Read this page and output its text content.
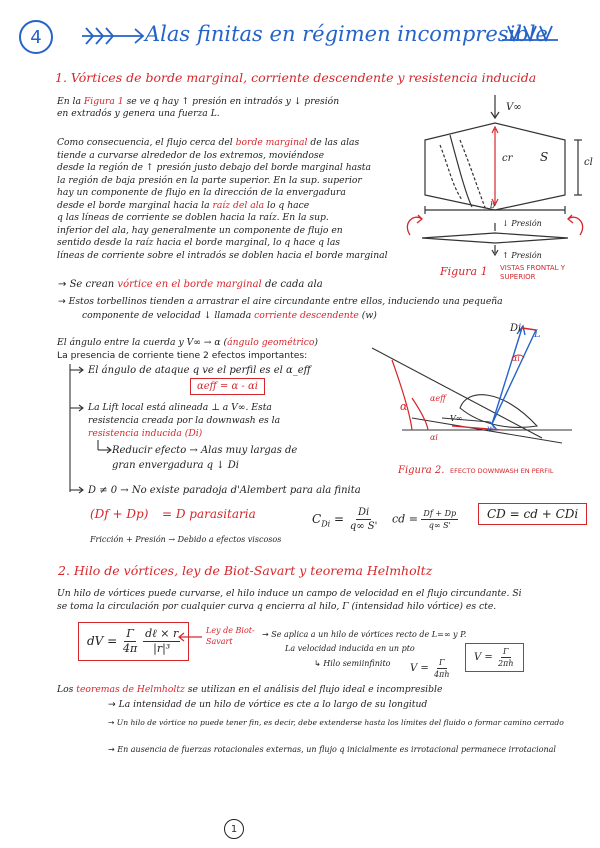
4	Alas finitas en régimen incompresible
1. Vórtices de borde marginal, corriente descendente y resistencia inducida
En la Figura 1 se ve q hay ↑ presión en intradós y ↓ presión
en extradós y genera una fuerza L.
Como consecuencia, el flujo cerca del borde marginal de las alas
tiende a curvarse alrededor de los extremos, moviéndose
desde la región de ↑ presión justo debajo del borde marginal hasta
la región de baja presión en la parte superior. En la sup. superior
hay un componente de flujo en la dirección de la envergadura
desde el borde marginal hacia la raíz del ala lo q hace
q las líneas de corriente se doblen hacia la raíz. En la sup.
inferior del ala, hay generalmente un componente de flujo en
sentido desde la raíz hacia el borde marginal, lo q hace q las
líneas de corriente sobre el intradós se doblen hacia el borde marginal
cr S	cl
V∞
b
↓ Presión
↑ Presión
Figura 1 VISTAS FRONTAL Y SUPERIOR
→ Se crean vórtice en el borde marginal de cada ala
→ Estos torbellinos tienden a arrastrar el aire circundante entre ellos, induciendo una pequeña
componente de velocidad ↓ llamada corriente descendente (w)
El ángulo entre la cuerda y V∞ → α (ángulo geométrico)
La presencia de corriente tiene 2 efectos importantes:
El ángulo de ataque q ve el perfil es el α_eff
αeff = α - αi
La Lift local está alineada ⊥ a V∞. Esta
resistencia creada por la downwash es la
resistencia inducida (Di)
Reducir efecto → Alas muy largas de
gran envergadura q ↓ Di
D ≠ 0 → No existe paradoja d'Alembert para ala finita
(Df + Dp) = D parasitaria
Fricción + Presión → Debido a efectos viscosos
$C_{Di} = \frac{Di}{q\infty S'}$ cd = $\frac{Df + Dp}{q\infty S'}$	CD = cd + CDi
Di
L
αi
α
αeff
V∞
w
αi
Figura 2. EFECTO DOWNWASH EN PERFIL
2. Hilo de vórtices, ley de Biot-Savart y teorema Helmholtz
Un hilo de vórtices puede curvarse, el hilo induce un campo de velocidad en el flujo circundante. Si
se toma la circulación por cualquier curva q encierra al hilo, Γ (intensidad hilo vórtice) es cte.
dV = $\frac{\Gamma}{4\pi}$
$\frac{\text{dℓ × r}}{\text{|r|³}}$	Ley de Biot-Savart
→ Se aplica a un hilo de vórtices recto de L=∞ y P.
La velocidad inducida en un pto
↳ Hilo semiinfinito $V = \frac{\Gamma}{4\pi h}$	$V = \frac{\Gamma}{2\pi h}$
Los teoremas de Helmholtz se utilizan en el análisis del flujo ideal e incompresible
→ La intensidad de un hilo de vórtice es cte a lo largo de su longitud
→ Un hilo de vórtice no puede tener fin, es decir, debe extenderse hasta los límites del fluido o formar camino cerrado
→ En ausencia de fuerzas rotacionales externas, un flujo q inicialmente es irrotacional permanece irrotacional
1
